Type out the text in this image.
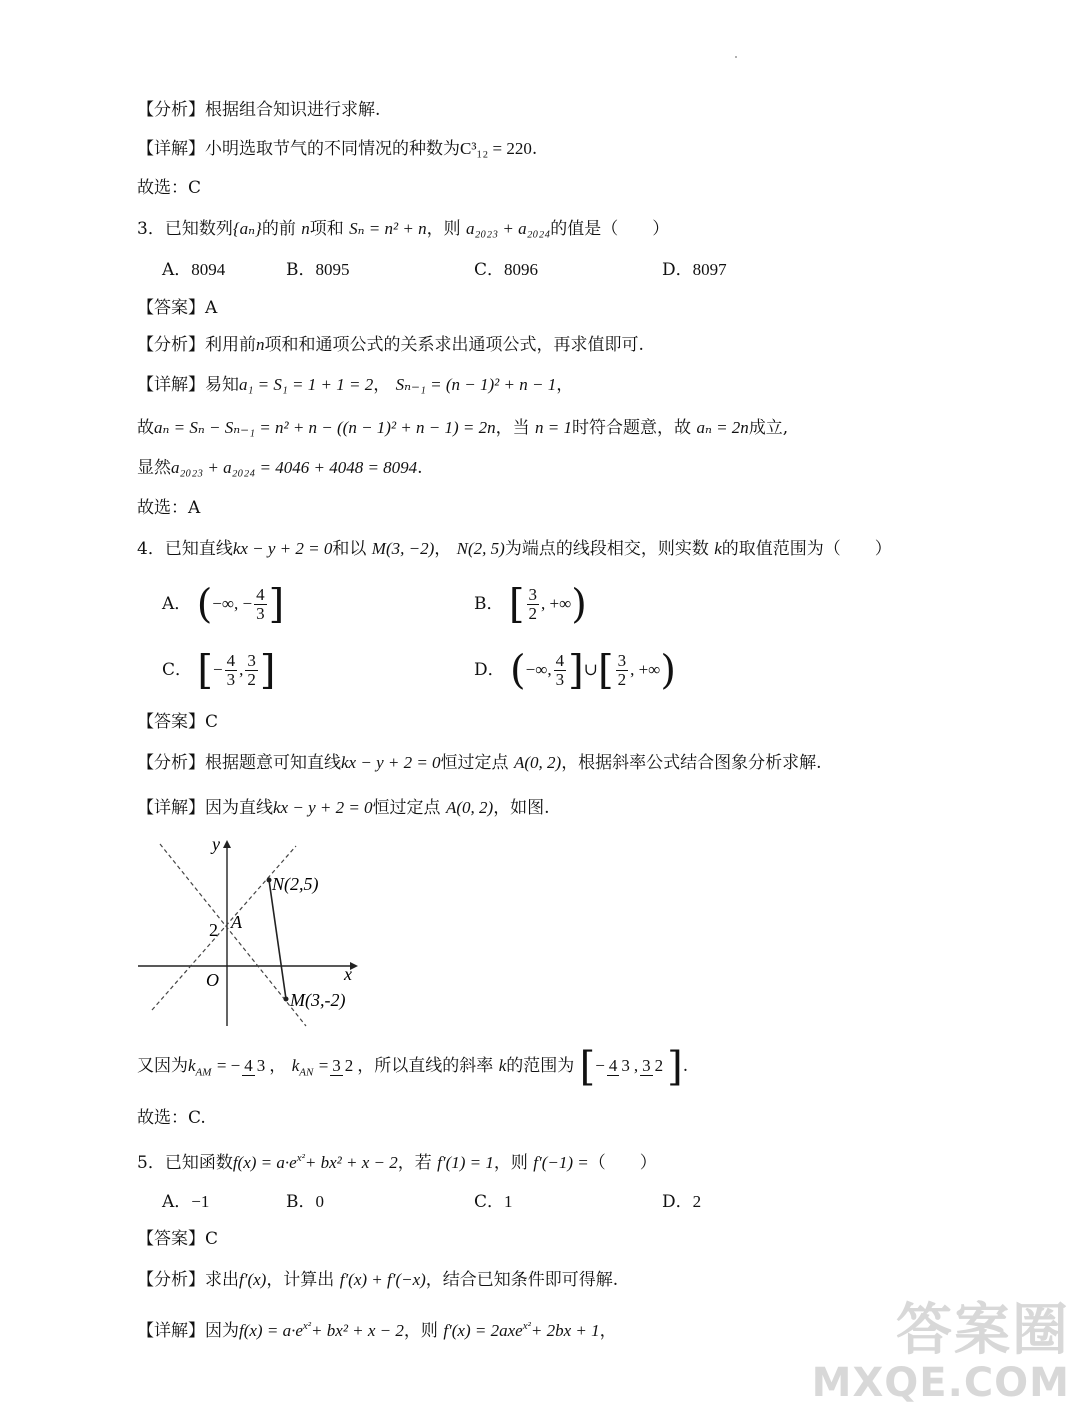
【分析】根据组合知识进行求解.
【详解】小明选取节气的不同情况的种数为C³₁₂ = 220.
故选：C
3．已知数列{aₙ}的前 n项和 Sₙ = n² + n，则 a₂₀₂₃ + a₂₀₂₄的值是（　　）
A．8094	B．8095	C．8096	D．8097
【答案】A
【分析】利用前n项和和通项公式的关系求出通项公式，再求值即可.
【详解】易知a₁ = S₁ = 1 + 1 = 2， Sₙ₋₁ = (n − 1)² + n − 1，
故aₙ = Sₙ − Sₙ₋₁ = n² + n − ((n − 1)² + n − 1) = 2n，当 n = 1时符合题意，故 aₙ = 2n成立,
显然a₂₀₂₃ + a₂₀₂₄ = 4046 + 4048 = 8094.
故选：A
4．已知直线kx − y + 2 = 0和以 M(3, −2)， N(2, 5)为端点的线段相交，则实数 k的取值范围为（　　）
A． (−∞, − $\frac{4}{3}$ ]	B． [ $\frac{3}{2}$ , +∞)
C． [− $\frac{4}{3}$ , $\frac{3}{2}$ ]	D． (−∞, $\frac{4}{3}$ ]∪[ $\frac{3}{2}$ , +∞)
【答案】C
【分析】根据题意可知直线kx − y + 2 = 0恒过定点 A(0, 2)，根据斜率公式结合图象分析求解.
【详解】因为直线kx − y + 2 = 0恒过定点 A(0, 2)，如图.
y
x
O
2 A
N(2,5)
M(3,-2)
又因为$k_{AM}$ = − 4 3 ， $k_{AN} = 3$ 2 ，所以直线的斜率 k的范围为 [− 4 3 , 3 2 ].
故选：C.
5．已知函数$f(x) = a\cdot e^{x^2}+ bx^2 + x - 2$，若 f′(1) = 1，则 f′(−1) =（　　）
A．−1	B．0	C．1	D．2
【答案】C
【分析】求出f′(x)，计算出 f′(x) + f′(−x)，结合已知条件即可得解.
【详解】因为$f(x) = a\cdot e^{x^2}+ bx^2 + x - 2$，则 f′(x) = 2axe$^{x^2}$+ 2bx + 1，	答案圈
MXQE.COM
